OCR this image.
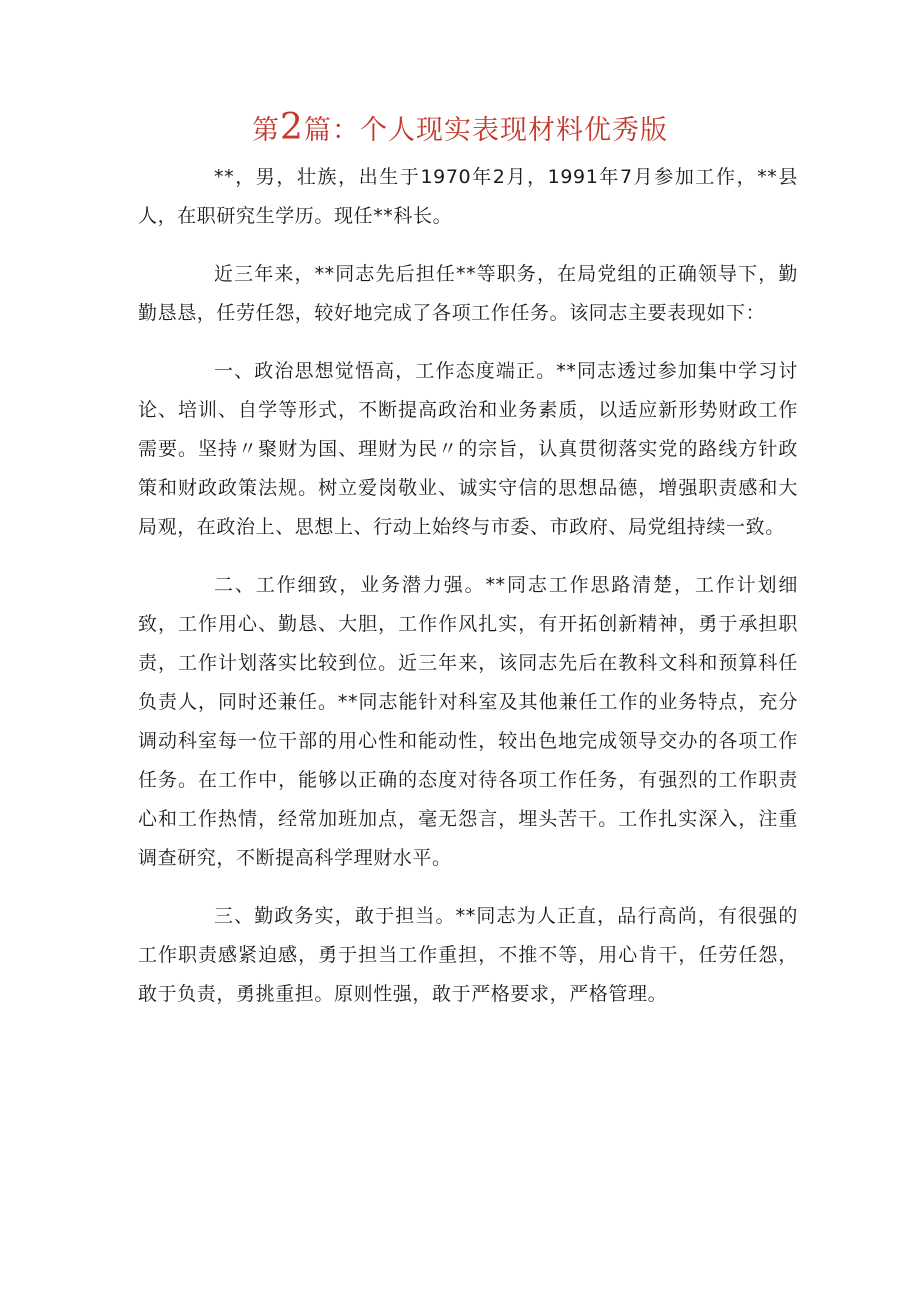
第2篇：个人现实表现材料优秀版

**，男，壮族，出生于1970年2月，1991年7月参加工作，**县人，在职研究生学历。现任**科长。

近三年来，**同志先后担任**等职务，在局党组的正确领导下，勤勤恳恳，任劳任怨，较好地完成了各项工作任务。该同志主要表现如下：

一、政治思想觉悟高，工作态度端正。**同志透过参加集中学习讨论、培训、自学等形式，不断提高政治和业务素质，以适应新形势财政工作需要。坚持〃聚财为国、理财为民〃的宗旨，认真贯彻落实党的路线方针政策和财政政策法规。树立爱岗敬业、诚实守信的思想品德，增强职责感和大局观，在政治上、思想上、行动上始终与市委、市政府、局党组持续一致。

二、工作细致，业务潜力强。**同志工作思路清楚，工作计划细致，工作用心、勤恳、大胆，工作作风扎实，有开拓创新精神，勇于承担职责，工作计划落实比较到位。近三年来，该同志先后在教科文科和预算科任负责人，同时还兼任。**同志能针对科室及其他兼任工作的业务特点，充分调动科室每一位干部的用心性和能动性，较出色地完成领导交办的各项工作任务。在工作中，能够以正确的态度对待各项工作任务，有强烈的工作职责心和工作热情，经常加班加点，毫无怨言，埋头苦干。工作扎实深入，注重调查研究，不断提高科学理财水平。

三、勤政务实，敢于担当。**同志为人正直，品行高尚，有很强的工作职责感紧迫感，勇于担当工作重担，不推不等，用心肯干，任劳任怨，敢于负责，勇挑重担。原则性强，敢于严格要求，严格管理。
